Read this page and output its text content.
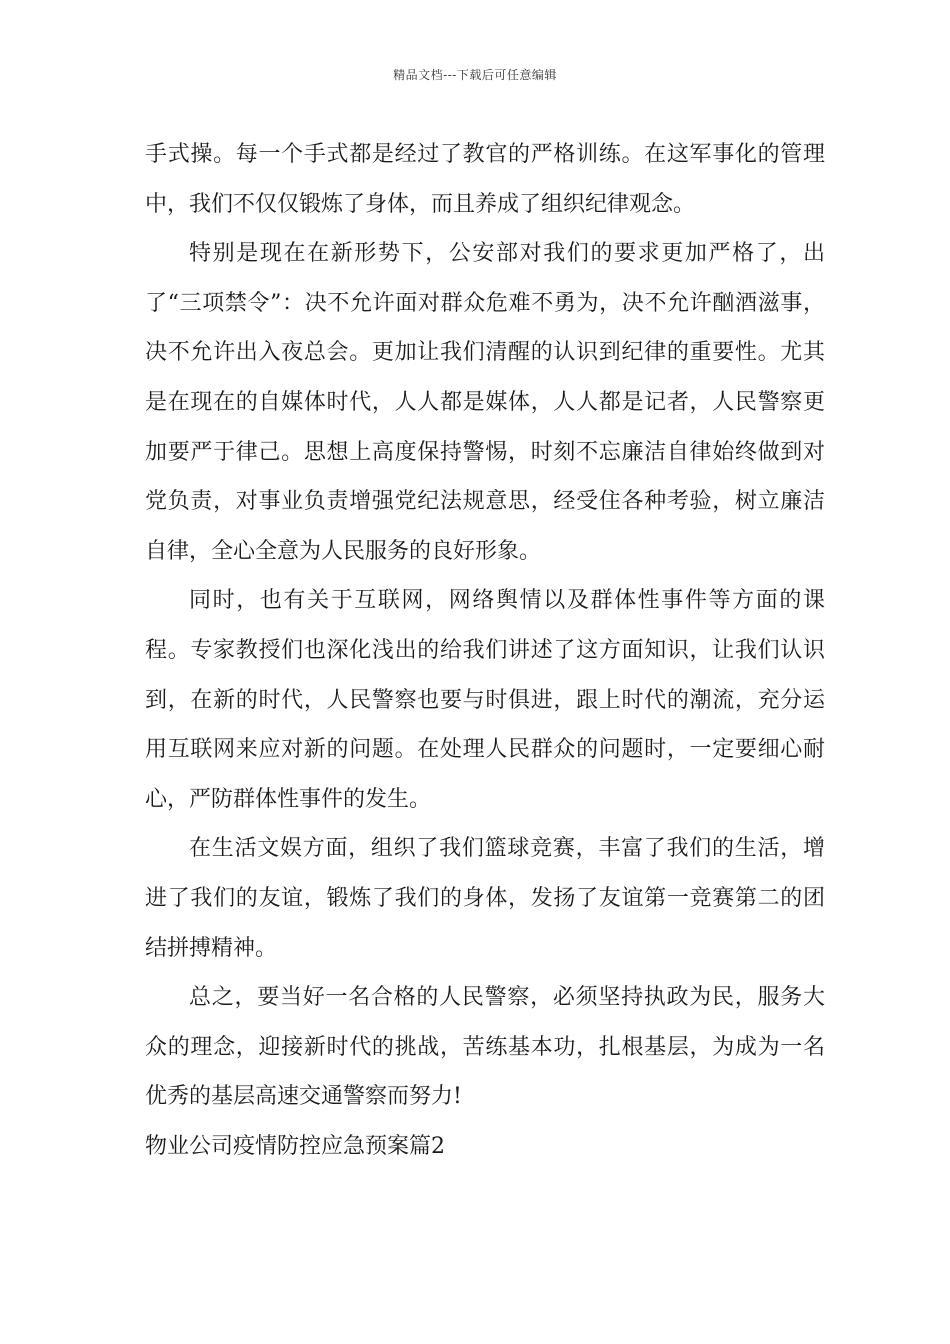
精品文档---下载后可任意编辑

手式操。每一个手式都是经过了教官的严格训练。在这军事化的管理中，我们不仅仅锻炼了身体，而且养成了组织纪律观念。

特别是现在在新形势下，公安部对我们的要求更加严格了，出了“三项禁令”：决不允许面对群众危难不勇为，决不允许酗酒滋事，决不允许出入夜总会。更加让我们清醒的认识到纪律的重要性。尤其是在现在的自媒体时代，人人都是媒体，人人都是记者，人民警察更加要严于律己。思想上高度保持警惕，时刻不忘廉洁自律始终做到对党负责，对事业负责增强党纪法规意思，经受住各种考验，树立廉洁自律，全心全意为人民服务的良好形象。

同时，也有关于互联网，网络舆情以及群体性事件等方面的课程。专家教授们也深化浅出的给我们讲述了这方面知识，让我们认识到，在新的时代，人民警察也要与时俱进，跟上时代的潮流，充分运用互联网来应对新的问题。在处理人民群众的问题时，一定要细心耐心，严防群体性事件的发生。

在生活文娱方面，组织了我们篮球竞赛，丰富了我们的生活，增进了我们的友谊，锻炼了我们的身体，发扬了友谊第一竞赛第二的团结拼搏精神。

总之，要当好一名合格的人民警察，必须坚持执政为民，服务大众的理念，迎接新时代的挑战，苦练基本功，扎根基层，为成为一名优秀的基层高速交通警察而努力!

物业公司疫情防控应急预案篇2
